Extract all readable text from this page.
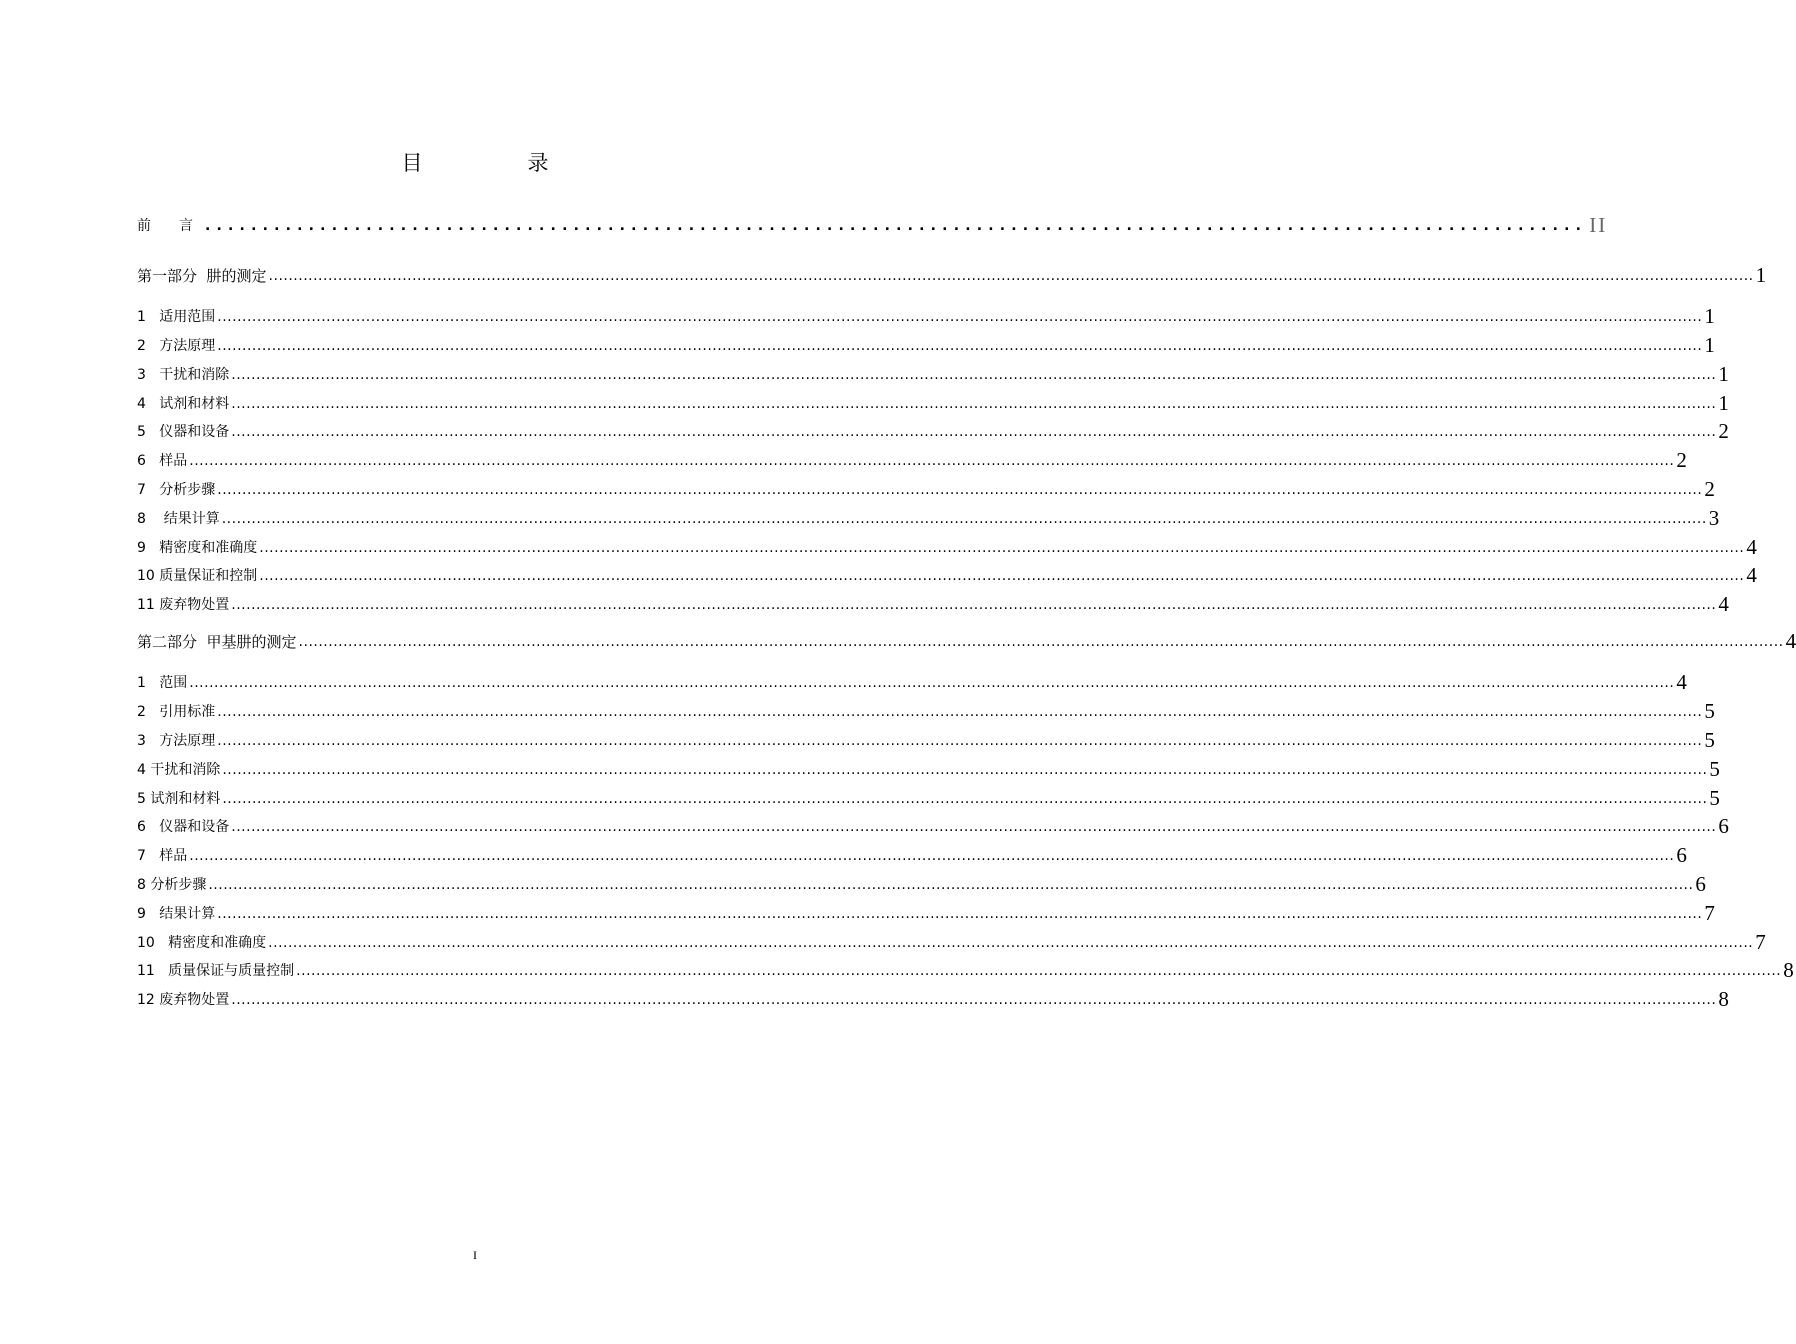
目　录
前　　言 ........................................................................................................................ II
第一部分  肼的测定 ............................................................................................................................................................................................................................................................................................................ 1
1   适用范围 ............................................................................................................................................................................................................................................................................................................ 1
2   方法原理 ............................................................................................................................................................................................................................................................................................................ 1
3   干扰和消除 ............................................................................................................................................................................................................................................................................................................ 1
4   试剂和材料 ............................................................................................................................................................................................................................................................................................................ 1
5   仪器和设备 ............................................................................................................................................................................................................................................................................................................ 2
6   样品 ............................................................................................................................................................................................................................................................................................................ 2
7   分析步骤 ............................................................................................................................................................................................................................................................................................................ 2
8    结果计算 ............................................................................................................................................................................................................................................................................................................ 3
9   精密度和准确度 ............................................................................................................................................................................................................................................................................................................ 4
10 质量保证和控制 ............................................................................................................................................................................................................................................................................................................ 4
11 废弃物处置 ............................................................................................................................................................................................................................................................................................................ 4
第二部分  甲基肼的测定 ............................................................................................................................................................................................................................................................................................................ 4
1   范围 ............................................................................................................................................................................................................................................................................................................ 4
2   引用标准 ............................................................................................................................................................................................................................................................................................................ 5
3   方法原理 ............................................................................................................................................................................................................................................................................................................ 5
4 干扰和消除 ............................................................................................................................................................................................................................................................................................................ 5
5 试剂和材料 ............................................................................................................................................................................................................................................................................................................ 5
6   仪器和设备 ............................................................................................................................................................................................................................................................................................................ 6
7   样品 ............................................................................................................................................................................................................................................................................................................ 6
8 分析步骤 ............................................................................................................................................................................................................................................................................................................ 6
9   结果计算 ............................................................................................................................................................................................................................................................................................................ 7
10   精密度和准确度 ............................................................................................................................................................................................................................................................................................................ 7
11   质量保证与质量控制 ............................................................................................................................................................................................................................................................................................................ 8
12 废弃物处置 ............................................................................................................................................................................................................................................................................................................ 8
I
